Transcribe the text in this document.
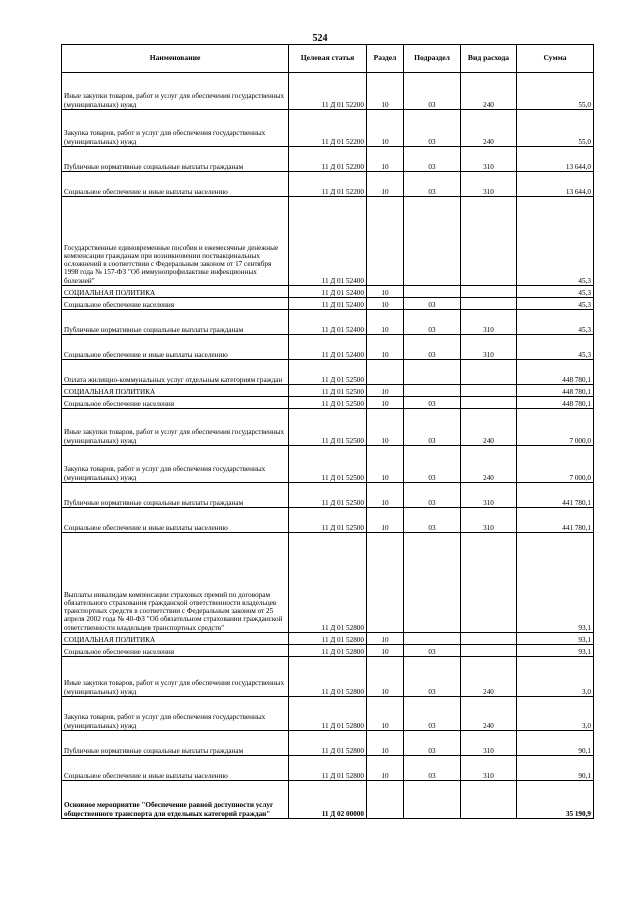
524
Наименование	Целевая статья	Раздел	Подраздел	Вид расхода	Сумма
Иные закупки товаров, работ и услуг для обеспечения государственных (муниципальных) нужд	11 Д 01 52200	10	03	240	55,0
Закупка товаров, работ и услуг для обеспечения государственных (муниципальных) нужд	11 Д 01 52200	10	03	240	55,0
Публичные нормативные социальные выплаты гражданам	11 Д 01 52200	10	03	310	13 644,0
Социальное обеспечение и иные выплаты населению	11 Д 01 52200	10	03	310	13 644,0
Государственные единовременные пособия и ежемесячные денежные компенсации гражданам при возникновении поствакцинальных осложнений в соответствии с Федеральным законом от 17 сентября 1998 года № 157-ФЗ "Об иммунопрофилактике инфекционных болезней"	11 Д 01 52400				45,3
СОЦИАЛЬНАЯ ПОЛИТИКА	11 Д 01 52400	10			45,3
Социальное обеспечение населения	11 Д 01 52400	10	03		45,3
Публичные нормативные социальные выплаты гражданам	11 Д 01 52400	10	03	310	45,3
Социальное обеспечение и иные выплаты населению	11 Д 01 52400	10	03	310	45,3
Оплата жилищно-коммунальных услуг отдельным категориям граждан	11 Д 01 52500				448 780,1
СОЦИАЛЬНАЯ ПОЛИТИКА	11 Д 01 52500	10			448 780,1
Социальное обеспечение населения	11 Д 01 52500	10	03		448 780,1
Иные закупки товаров, работ и услуг для обеспечения государственных (муниципальных) нужд	11 Д 01 52500	10	03	240	7 000,0
Закупка товаров, работ и услуг для обеспечения государственных (муниципальных) нужд	11 Д 01 52500	10	03	240	7 000,0
Публичные нормативные социальные выплаты гражданам	11 Д 01 52500	10	03	310	441 780,1
Социальное обеспечение и иные выплаты населению	11 Д 01 52500	10	03	310	441 780,1
Выплаты инвалидам компенсации страховых премий по договорам обязательного страхования гражданской ответственности владельцев транспортных средств в соответствии с Федеральным законом от 25 апреля 2002 года № 40-ФЗ "Об обязательном страховании гражданской ответственности владельцев транспортных средств"	11 Д 01 52800				93,1
СОЦИАЛЬНАЯ ПОЛИТИКА	11 Д 01 52800	10			93,1
Социальное обеспечение населения	11 Д 01 52800	10	03		93,1
Иные закупки товаров, работ и услуг для обеспечения государственных (муниципальных) нужд	11 Д 01 52800	10	03	240	3,0
Закупка товаров, работ и услуг для обеспечения государственных (муниципальных) нужд	11 Д 01 52800	10	03	240	3,0
Публичные нормативные социальные выплаты гражданам	11 Д 01 52800	10	03	310	90,1
Социальное обеспечение и иные выплаты населению	11 Д 01 52800	10	03	310	90,1
Основное мероприятие "Обеспечение равной доступности услуг общественного транспорта для отдельных категорий граждан"	11 Д 02 00000				35 190,9
